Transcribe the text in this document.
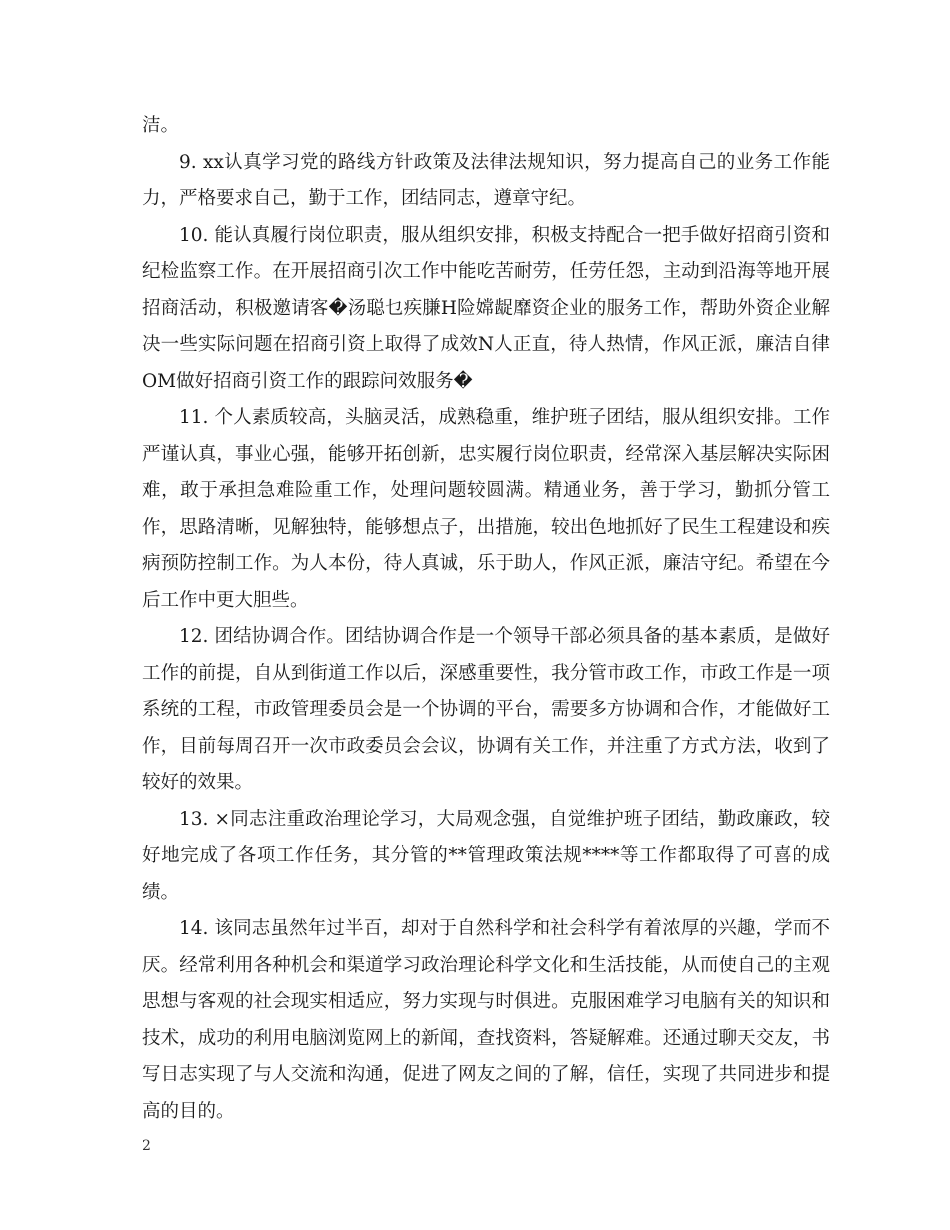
洁。

9. xx认真学习党的路线方针政策及法律法规知识，努力提高自己的业务工作能力，严格要求自己，勤于工作，团结同志，遵章守纪。

10. 能认真履行岗位职责，服从组织安排，积极支持配合一把手做好招商引资和纪检监察工作。在开展招商引次工作中能吃苦耐劳，任劳任怨，主动到沿海等地开展招商活动，积极邀请客�汤聪乜疾膁H险嫦龊靡资企业的服务工作，帮助外资企业解决一些实际问题在招商引资上取得了成效N人正直，待人热情，作风正派，廉洁自律OM做好招商引资工作的跟踪问效服务�

11. 个人素质较高，头脑灵活，成熟稳重，维护班子团结，服从组织安排。工作严谨认真，事业心强，能够开拓创新，忠实履行岗位职责，经常深入基层解决实际困难，敢于承担急难险重工作，处理问题较圆满。精通业务，善于学习，勤抓分管工作，思路清晰，见解独特，能够想点子，出措施，较出色地抓好了民生工程建设和疾病预防控制工作。为人本份，待人真诚，乐于助人，作风正派，廉洁守纪。希望在今后工作中更大胆些。

12. 团结协调合作。团结协调合作是一个领导干部必须具备的基本素质，是做好工作的前提，自从到街道工作以后，深感重要性，我分管市政工作，市政工作是一项系统的工程，市政管理委员会是一个协调的平台，需要多方协调和合作，才能做好工作，目前每周召开一次市政委员会会议，协调有关工作，并注重了方式方法，收到了较好的效果。

13. ×同志注重政治理论学习，大局观念强，自觉维护班子团结，勤政廉政，较好地完成了各项工作任务，其分管的**管理政策法规****等工作都取得了可喜的成绩。

14. 该同志虽然年过半百，却对于自然科学和社会科学有着浓厚的兴趣，学而不厌。经常利用各种机会和渠道学习政治理论科学文化和生活技能，从而使自己的主观思想与客观的社会现实相适应，努力实现与时俱进。克服困难学习电脑有关的知识和技术，成功的利用电脑浏览网上的新闻，查找资料，答疑解难。还通过聊天交友，书写日志实现了与人交流和沟通，促进了网友之间的了解，信任，实现了共同进步和提高的目的。

2
